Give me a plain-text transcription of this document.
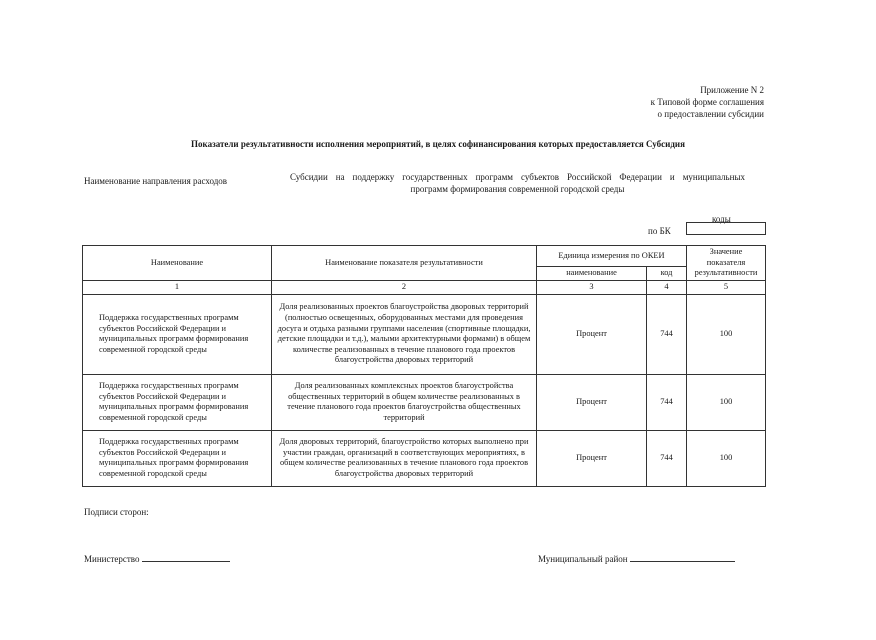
Приложение N 2
к Типовой форме соглашения
о предоставлении субсидии
Показатели результативности исполнения мероприятий, в целях софинансирования которых предоставляется Субсидия
Наименование направления расходов	Субсидии на поддержку государственных программ субъектов Российской Федерации и муниципальных
программ формирования современной городской среды
коды
по БК
Наименование	Наименование показателя результативности	Единица измерения по ОКЕИ		Значение показателя результативности
		наименование	код	
1	2	3	4	5
Поддержка государственных программ субъектов Российской Федерации и муниципальных программ формирования современной городской среды	Доля реализованных проектов благоустройства дворовых территорий (полностью освещенных, оборудованных местами для проведения досуга и отдыха разными группами населения (спортивные площадки, детские площадки и т.д.), малыми архитектурными формами) в общем количестве реализованных в течение планового года проектов благоустройства дворовых территорий	Процент	744	100
Поддержка государственных программ субъектов Российской Федерации и муниципальных программ формирования современной городской среды	Доля реализованных комплексных проектов благоустройства общественных территорий в общем количестве реализованных в течение планового года проектов благоустройства общественных территорий	Процент	744	100
Поддержка государственных программ субъектов Российской Федерации и муниципальных программ формирования современной городской среды	Доля дворовых территорий, благоустройство которых выполнено при участии граждан, организаций в соответствующих мероприятиях, в общем количестве реализованных в течение планового года проектов благоустройства дворовых территорий	Процент	744	100
Подписи сторон:
Министерство	Муниципальный район
